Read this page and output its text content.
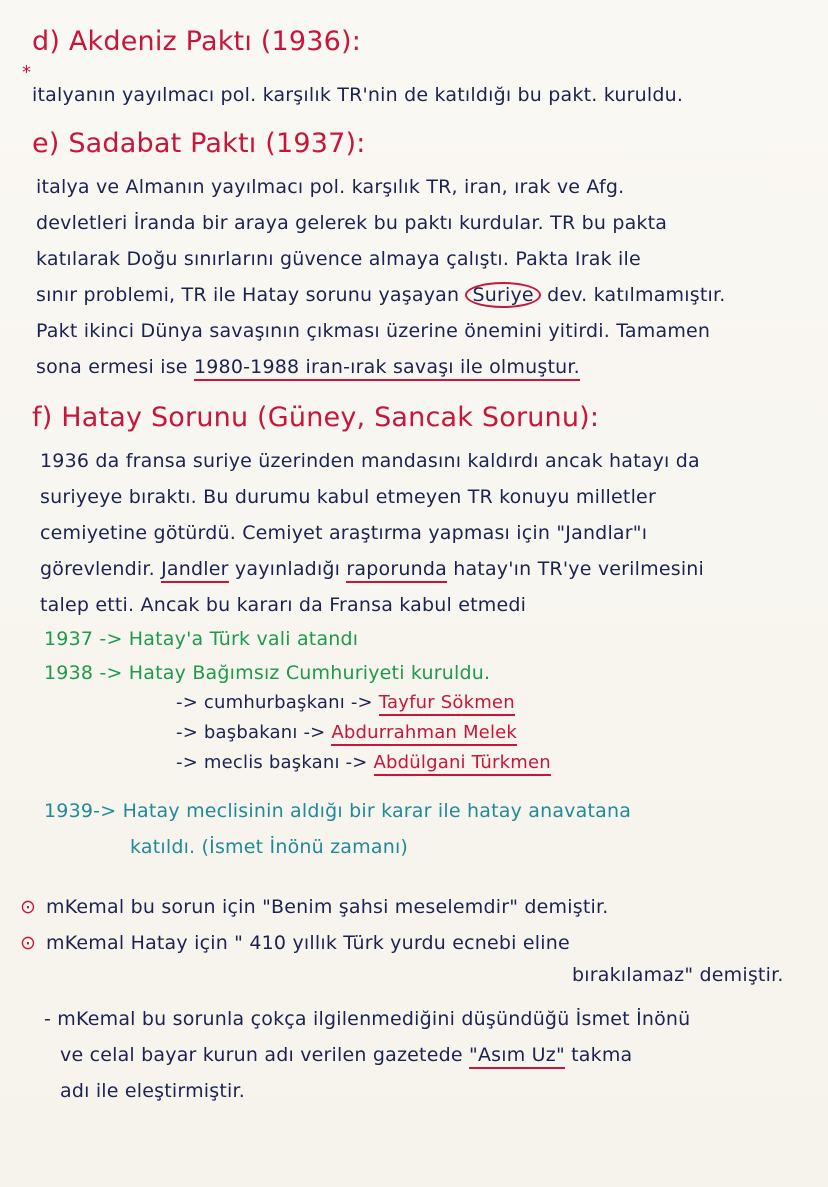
d) Akdeniz Paktı (1936):
*
italyanın yayılmacı pol. karşılık TR'nin de katıldığı bu pakt. kuruldu.
e) Sadabat Paktı (1937):
italya ve Almanın yayılmacı pol. karşılık TR, iran, ırak ve Afg.
devletleri İranda bir araya gelerek bu paktı kurdular. TR bu pakta
katılarak Doğu sınırlarını güvence almaya çalıştı. Pakta Irak ile
sınır problemi, TR ile Hatay sorunu yaşayan Suriye dev. katılmamıştır.
Pakt ikinci Dünya savaşının çıkması üzerine önemini yitirdi. Tamamen
sona ermesi ise 1980-1988 iran-ırak savaşı ile olmuştur.
f) Hatay Sorunu (Güney, Sancak Sorunu):
1936 da fransa suriye üzerinden mandasını kaldırdı ancak hatayı da
suriyeye bıraktı. Bu durumu kabul etmeyen TR konuyu milletler
cemiyetine götürdü. Cemiyet araştırma yapması için "Jandlar"ı
görevlendir. Jandler yayınladığı raporunda hatay'ın TR'ye verilmesini
talep etti. Ancak bu kararı da Fransa kabul etmedi
1937 -> Hatay'a Türk vali atandı
1938 -> Hatay Bağımsız Cumhuriyeti kuruldu.
-> cumhurbaşkanı -> Tayfur Sökmen
-> başbakanı -> Abdurrahman Melek
-> meclis başkanı -> Abdülgani Türkmen
1939-> Hatay meclisinin aldığı bir karar ile hatay anavatana
katıldı. (İsmet İnönü zamanı)
⊙ mKemal bu sorun için "Benim şahsi meselemdir" demiştir.
⊙ mKemal Hatay için " 410 yıllık Türk yurdu ecnebi eline
bırakılamaz" demiştir.
- mKemal bu sorunla çokça ilgilenmediğini düşündüğü İsmet İnönü
ve celal bayar kurun adı verilen gazetede "Asım Uz" takma
adı ile eleştirmiştir.
